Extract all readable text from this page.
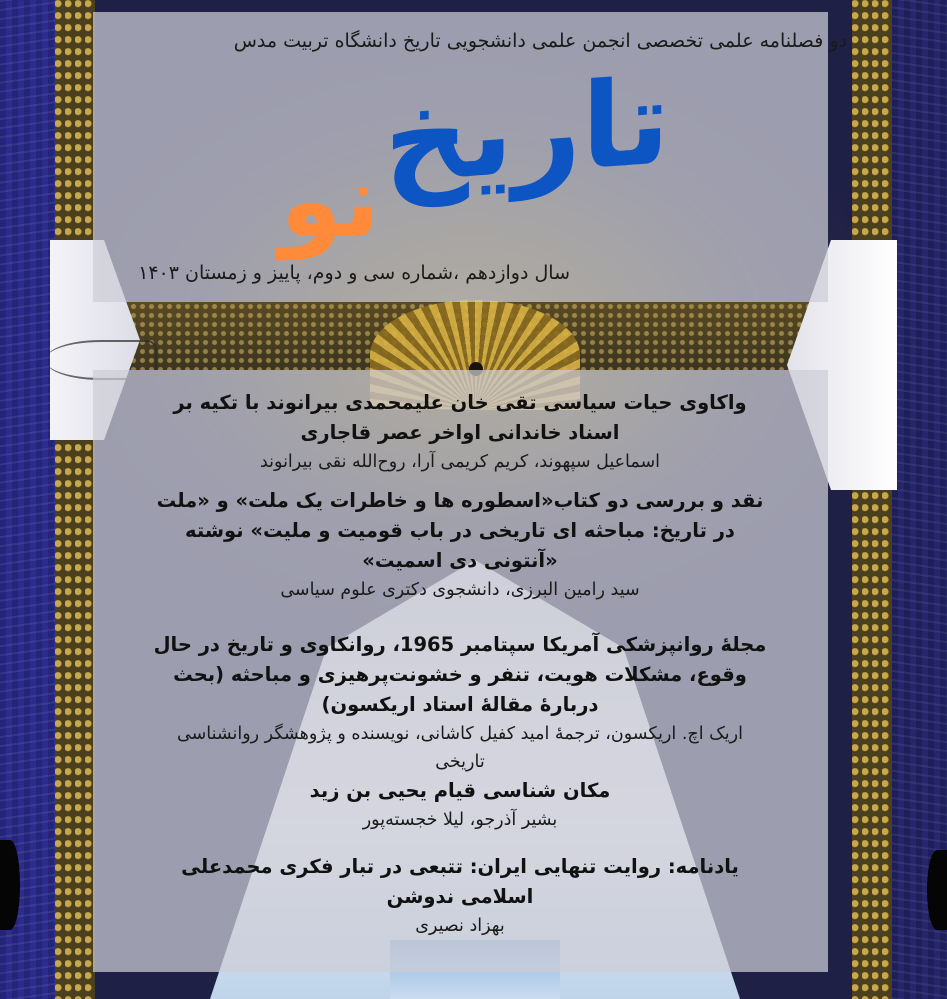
دو فصلنامه علمی تخصصی انجمن علمی دانشجویی تاریخ دانشگاه تربیت مدس
تاریخ
نو
سال دوازدهم ،شماره سی و دوم، پاییز و زمستان ۱۴۰۳

واکاوی حیات سیاسی تقی خان علیمحمدی بیرانوند با تکیه بر
اسناد خاندانی اواخر عصر قاجاری

اسماعیل سپهوند، کریم کریمی آرا، روح‌الله نقی بیرانوند

نقد و بررسی دو کتاب«اسطوره ها و خاطرات یک ملت» و «ملت
در تاریخ: مباحثه ای تاریخی در باب قومیت و ملیت» نوشته
«آنتونی دی اسمیت»

سید رامین البرزی، دانشجوی دکتری علوم سیاسی

مجلهٔ روانپزشکی آمریکا سپتامبر 1965، روانکاوی و تاریخ در حال
وقوع، مشکلات هویت، تنفر و خشونت‌پرهیزی و مباحثه (بحث
دربارهٔ مقالهٔ استاد اریکسون)

اریک اچ. اریکسون، ترجمهٔ امید کفیل کاشانی، نویسنده و پژوهشگر روانشناسی
تاریخی

مکان شناسی قیام یحیی بن زید

بشیر آذرجو، لیلا خجسته‌پور

یادنامه: روایت تنهایی ایران: تتبعی در تبار فکری محمدعلی
اسلامی ندوشن

بهزاد نصیری
